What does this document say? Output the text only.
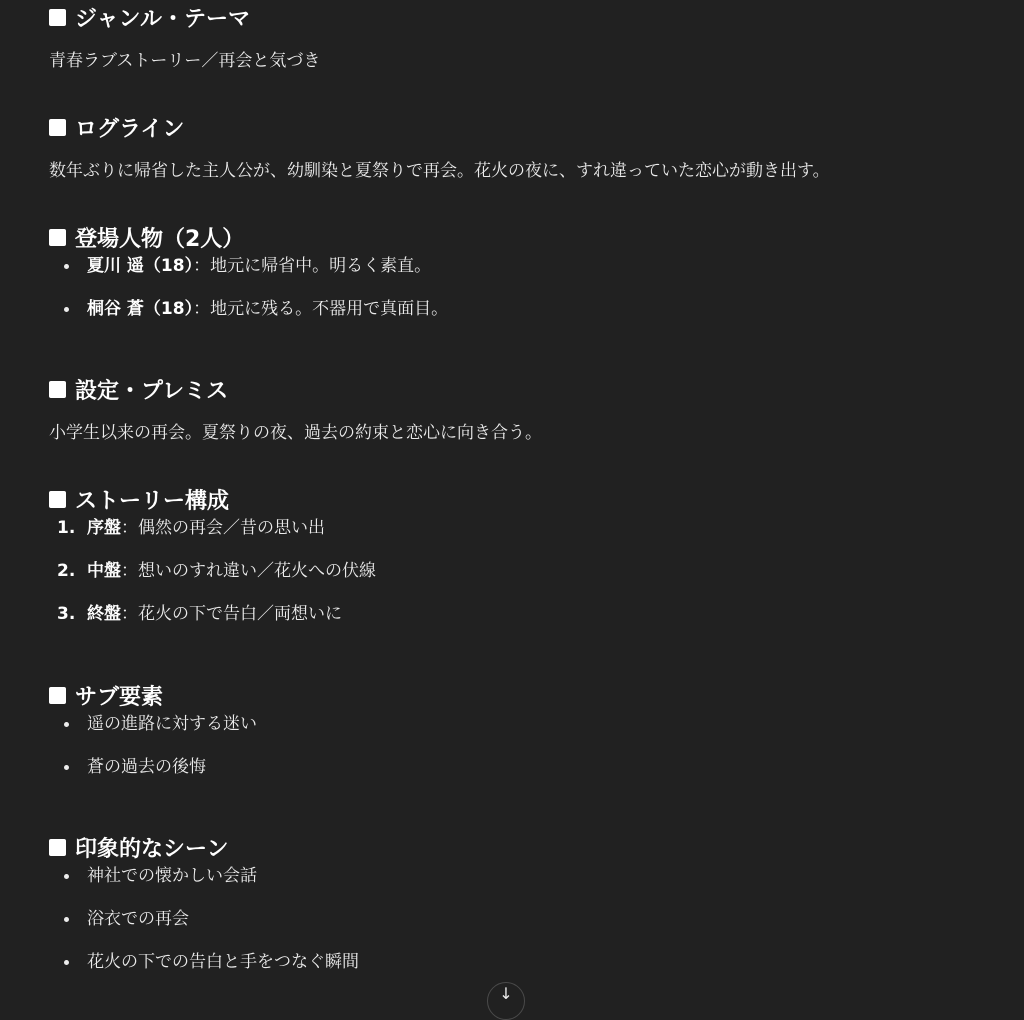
ジャンル・テーマ

青春ラブストーリー／再会と気づき

ログライン

数年ぶりに帰省した主人公が、幼馴染と夏祭りで再会。花火の夜に、すれ違っていた恋心が動き出す。

登場人物（2人）
夏川 遥（18）：地元に帰省中。明るく素直。
桐谷 蒼（18）：地元に残る。不器用で真面目。
設定・プレミス

小学生以来の再会。夏祭りの夜、過去の約束と恋心に向き合う。

ストーリー構成
1. 序盤：偶然の再会／昔の思い出
2. 中盤：想いのすれ違い／花火への伏線
3. 終盤：花火の下で告白／両想いに
サブ要素
遥の進路に対する迷い
蒼の過去の後悔
印象的なシーン
神社での懐かしい会話
浴衣での再会
花火の下での告白と手をつなぐ瞬間
↓
